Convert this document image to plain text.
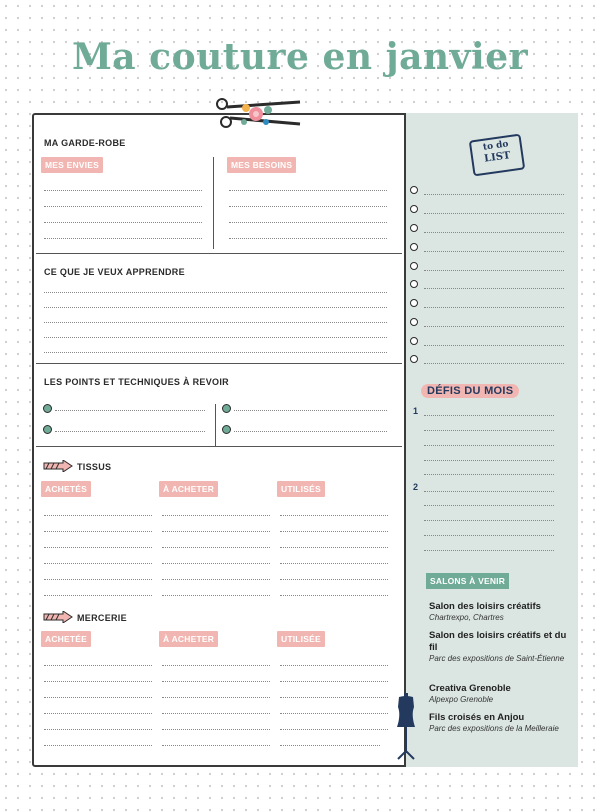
Ma couture en janvier
MA GARDE-ROBE
MES ENVIES	MES BESOINS
CE QUE JE VEUX APPRENDRE
LES POINTS ET TECHNIQUES À REVOIR
TISSUS
ACHETÉS	À ACHETER	UTILISÉS
MERCERIE
ACHETÉE	À ACHETER	UTILISÉE
to do
LIST
DÉFIS DU MOIS
1
2
SALONS À VENIR
Salon des loisirs créatifs
Chartrexpo, Chartres
Salon des loisirs créatifs et du fil
Parc des expositions de Saint-Étienne
Creativa Grenoble
Alpexpo Grenoble
Fils croisés en Anjou
Parc des expositions de la Meilleraie
